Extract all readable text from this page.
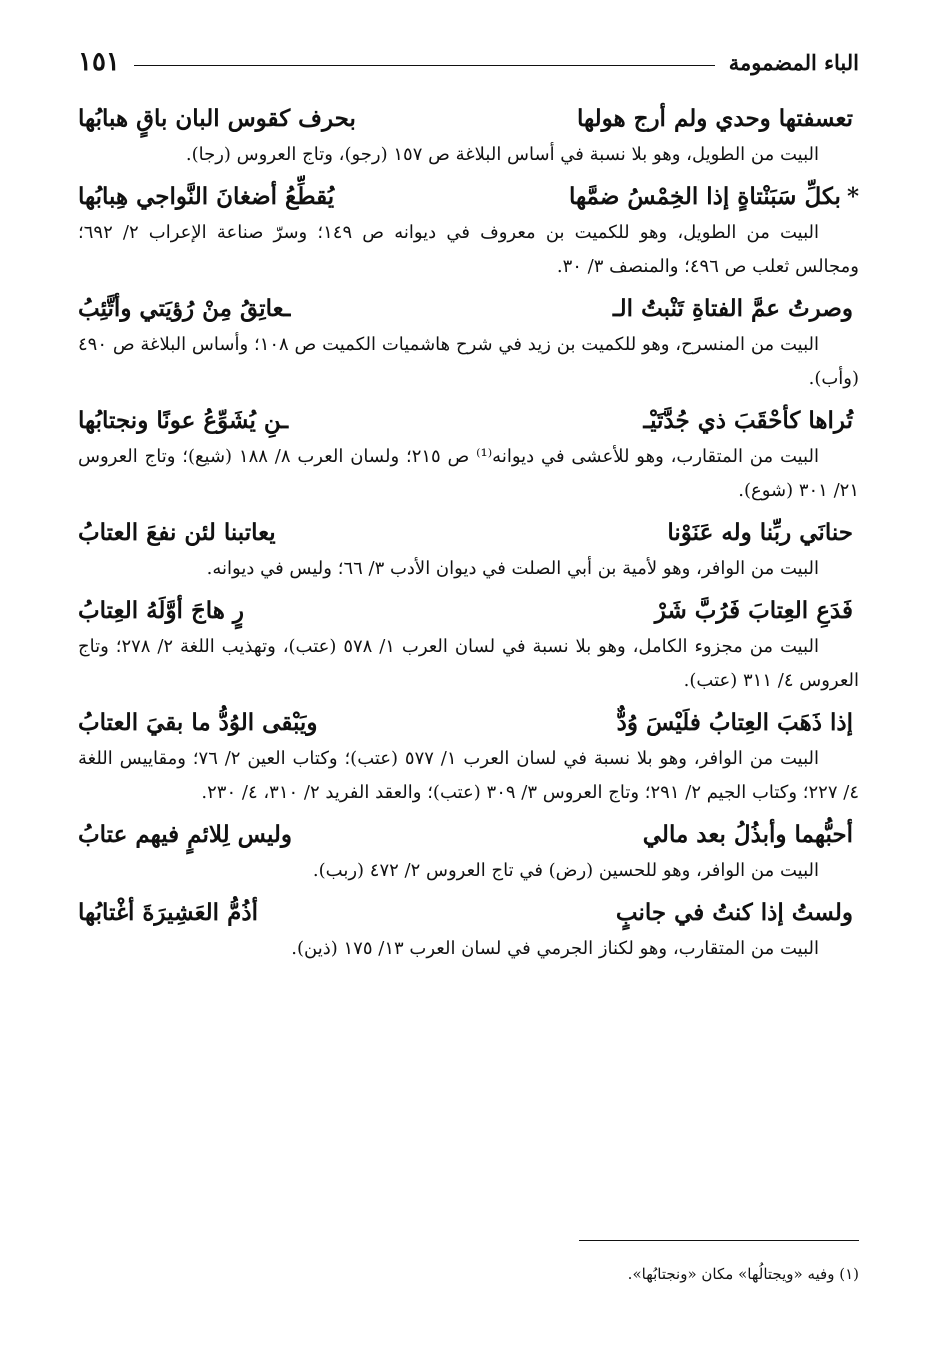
الباء المضمومة
١٥١
تعسفتها وحدي ولم أرج هولها
بحرف كقوس البان باقٍ هبابُها

البيت من الطويل، وهو بلا نسبة في أساس البلاغة ص ١٥٧ (رجو)، وتاج العروس (رجا).

*بكلِّ سَبَنْتاةٍ إذا الخِمْسُ ضمَّها
يُقطِّعُ أضغانَ النَّواجي هِبابُها

البيت من الطويل، وهو للكميت بن معروف في ديوانه ص ١٤٩؛ وسرّ صناعة الإعراب ٢/ ٦٩٢؛ ومجالس ثعلب ص ٤٩٦؛ والمنصف ٣/ ٣٠.

وصرتُ عمَّ الفتاةِ تَنْبتُ الـ
ـعاتِقُ مِنْ رُؤيَتي وأتَّئِبُ

البيت من المنسرح، وهو للكميت بن زيد في شرح هاشميات الكميت ص ١٠٨؛ وأساس البلاغة ص ٤٩٠ (وأب).

تُراها كأحْقَبَ ذي جُدَّتَيْـ
ـنِ يُشَوِّعُ عونًا ونجتابُها

البيت من المتقارب، وهو للأعشى في ديوانه⁽¹⁾ ص ٢١٥؛ ولسان العرب ٨/ ١٨٨ (شيع)؛ وتاج العروس ٢١/ ٣٠١ (شوع).

حنانَي ربِّنا وله عَنَوْنا
يعاتبنا لئن نفعَ العتابُ

البيت من الوافر، وهو لأمية بن أبي الصلت في ديوان الأدب ٣/ ٦٦؛ وليس في ديوانه.

فَدَعِ العِتابَ فَرُبَّ شَرْ
رٍ هاجَ أوَّلَهُ العِتابُ

البيت من مجزوء الكامل، وهو بلا نسبة في لسان العرب ١/ ٥٧٨ (عتب)، وتهذيب اللغة ٢/ ٢٧٨؛ وتاج العروس ٤/ ٣١١ (عتب).

إذا ذَهَبَ العِتابُ فلَيْسَ وُدٌّ
ويَبْقى الوُدُّ ما بقيَ العتابُ

البيت من الوافر، وهو بلا نسبة في لسان العرب ١/ ٥٧٧ (عتب)؛ وكتاب العين ٢/ ٧٦؛ ومقاييس اللغة ٤/ ٢٢٧؛ وكتاب الجيم ٢/ ٢٩١؛ وتاج العروس ٣/ ٣٠٩ (عتب)؛ والعقد الفريد ٢/ ٣١٠، ٤/ ٢٣٠.

أحبُّهما وأبذُلُ بعد مالي
وليس لِلائمٍ فيهم عتابُ

البيت من الوافر، وهو للحسين (رض) في تاج العروس ٢/ ٤٧٢ (ربب).

ولستُ إذا كنتُ في جانبٍ
أذُمُّ العَشِيرَةَ أغْتابُها

البيت من المتقارب، وهو لكناز الجرمي في لسان العرب ١٣/ ١٧٥ (ذين).

(١) وفيه «ويجتالُها» مكان «ونجتابُها».
